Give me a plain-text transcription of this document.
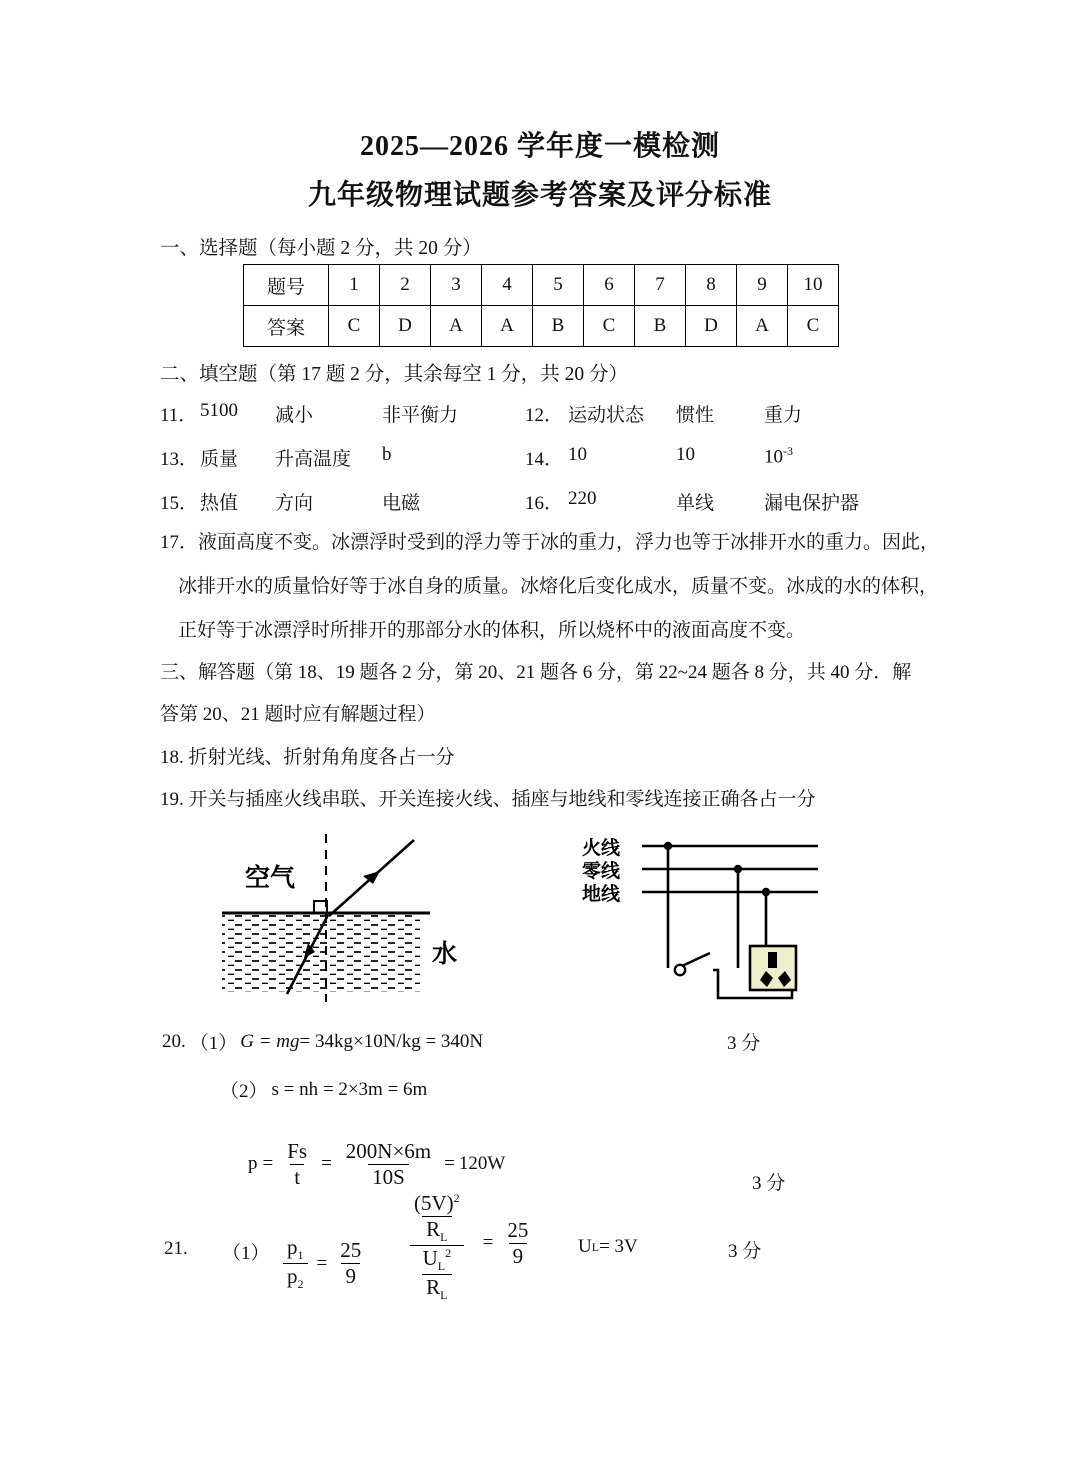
2025—2026 学年度一模检测
九年级物理试题参考答案及评分标准
一、选择题（每小题 2 分，共 20 分）
题号	1	2	3	4	5	6	7	8	9	10
答案	C	D	A	A	B	C	B	D	A	C
二、填空题（第 17 题 2 分，其余每空 1 分，共 20 分）
11． 5100 减小	非平衡力	12． 运动状态 惯性	重力
13． 质量 升高温度 b	14． 10	10	$10^{-3}$
15． 热值 方向	电磁	16． 220	单线	漏电保护器
17．液面高度不变。冰漂浮时受到的浮力等于冰的重力，浮力也等于冰排开水的重力。因此，
冰排开水的质量恰好等于冰自身的质量。冰熔化后变化成水，质量不变。冰成的水的体积，
正好等于冰漂浮时所排开的那部分水的体积，所以烧杯中的液面高度不变。
三、解答题（第 18、19 题各 2 分，第 20、21 题各 6 分，第 22~24 题各 8 分，共 40 分．解
答第 20、21 题时应有解题过程）
18. 折射光线、折射角角度各占一分
19. 开关与插座火线串联、开关连接火线、插座与地线和零线连接正确各占一分
空气
水
火线
零线
地线
3 分
20. （1） G = mg = 34kg×10N/kg = 340N
（2） s = nh = 2×3m = 6m
$p = \frac{Fs}{t} = \frac{200N\times 6m}{10S} = 120W$
3 分
21. $(1) \frac{p_1}{p_2} = \frac{25}{9} \frac{\frac{(5V)^2}{R_L}}{\frac{U_L^2}{R_L}} = \frac{25}{9}$ U L = 3V	3 分
